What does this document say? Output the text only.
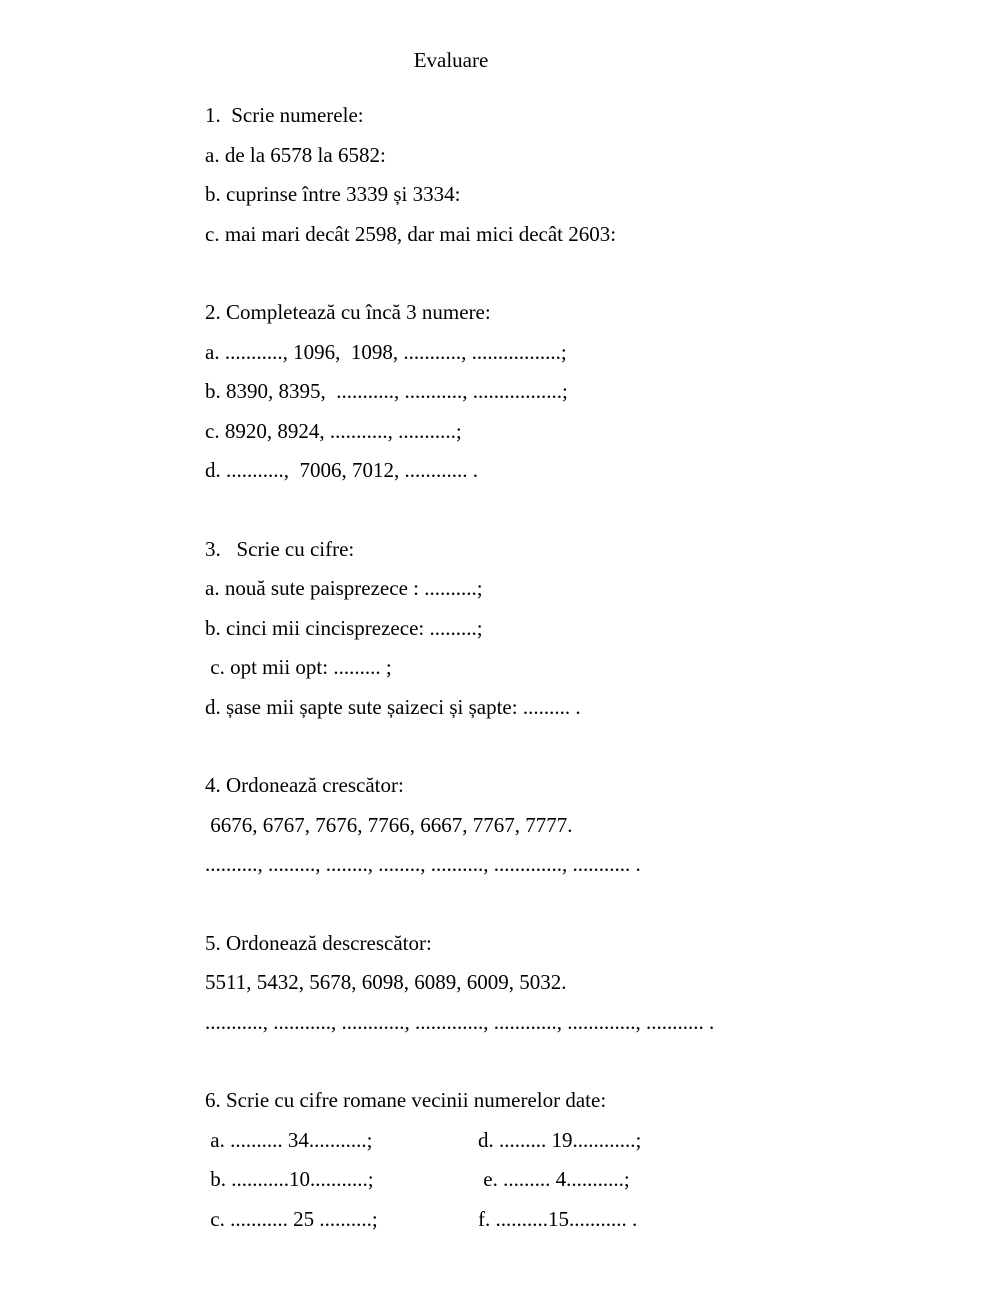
Evaluare
1.  Scrie numerele:
a. de la 6578 la 6582:
b. cuprinse între 3339 și 3334:
c. mai mari decât 2598, dar mai mici decât 2603:
2. Completează cu încă 3 numere:
a. ..........., 1096,  1098, ..........., .................;
b. 8390, 8395,  ..........., ..........., .................;
c. 8920, 8924, ..........., ...........;
d. ...........,  7006, 7012, ............ .
3.   Scrie cu cifre:
a. nouă sute paisprezece : ..........;
b. cinci mii cincisprezece: .........;
c. opt mii opt: ......... ;
d. șase mii șapte sute șaizeci și șapte: ......... .
4. Ordonează crescător:
6676, 6767, 7676, 7766, 6667, 7767, 7777.
.........., ........., ........, ........, .........., ............., ........... .
5. Ordonează descrescător:
5511, 5432, 5678, 6098, 6089, 6009, 5032.
..........., ..........., ............, ............., ............, ............., ........... .
6. Scrie cu cifre romane vecinii numerelor date:
a. .......... 34...........;	d. ......... 19............;
b. ...........10...........;	e. ......... 4...........;
c. ........... 25 ..........;	f. ..........15........... .
